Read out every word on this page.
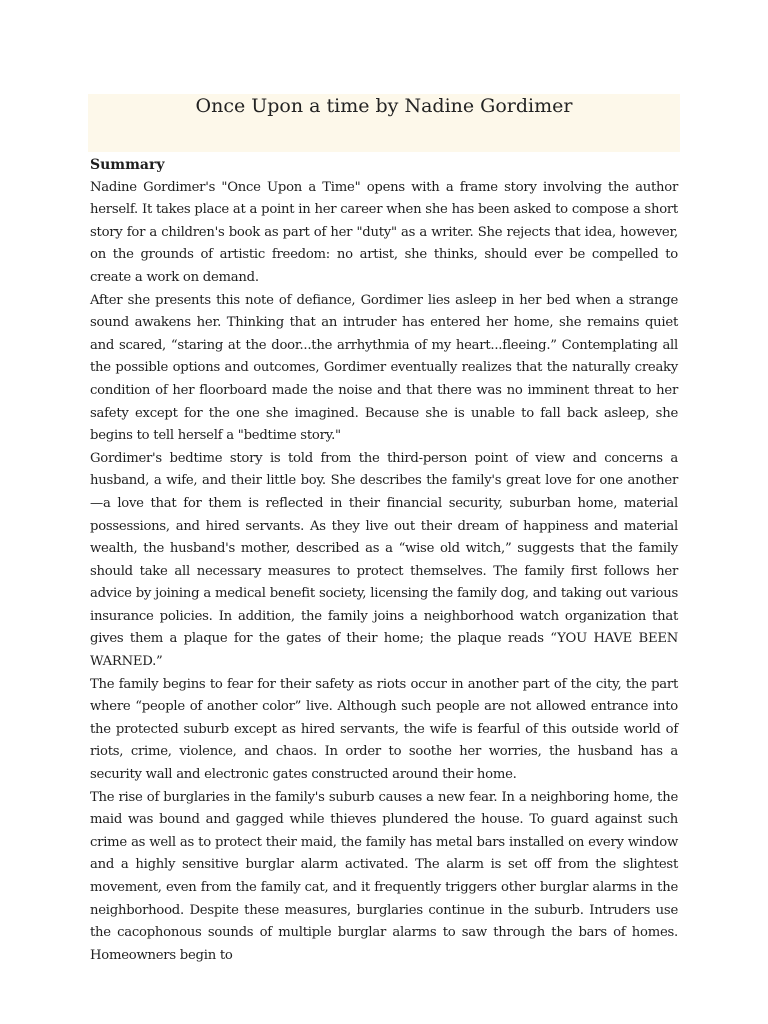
Once Upon a time by Nadine Gordimer

Summary

Nadine Gordimer's "Once Upon a Time" opens with a frame story involving the author herself. It takes place at a point in her career when she has been asked to compose a short story for a children's book as part of her "duty" as a writer. She rejects that idea, however, on the grounds of artistic freedom: no artist, she thinks, should ever be compelled to create a work on demand.

After she presents this note of defiance, Gordimer lies asleep in her bed when a strange sound awakens her. Thinking that an intruder has entered her home, she remains quiet and scared, “staring at the door...the arrhythmia of my heart...fleeing.” Contemplating all the possible options and outcomes, Gordimer eventually realizes that the naturally creaky condition of her floorboard made the noise and that there was no imminent threat to her safety except for the one she imagined. Because she is unable to fall back asleep, she begins to tell herself a "bedtime story."

Gordimer's bedtime story is told from the third-person point of view and concerns a husband, a wife, and their little boy. She describes the family's great love for one another—a love that for them is reflected in their financial security, suburban home, material possessions, and hired servants. As they live out their dream of happiness and material wealth, the husband's mother, described as a “wise old witch,” suggests that the family should take all necessary measures to protect themselves. The family first follows her advice by joining a medical benefit society, licensing the family dog, and taking out various insurance policies. In addition, the family joins a neighborhood watch organization that gives them a plaque for the gates of their home; the plaque reads “YOU HAVE BEEN WARNED.”

The family begins to fear for their safety as riots occur in another part of the city, the part where “people of another color” live. Although such people are not allowed entrance into the protected suburb except as hired servants, the wife is fearful of this outside world of riots, crime, violence, and chaos. In order to soothe her worries, the husband has a security wall and electronic gates constructed around their home.

The rise of burglaries in the family's suburb causes a new fear. In a neighboring home, the maid was bound and gagged while thieves plundered the house. To guard against such crime as well as to protect their maid, the family has metal bars installed on every window and a highly sensitive burglar alarm activated. The alarm is set off from the slightest movement, even from the family cat, and it frequently triggers other burglar alarms in the neighborhood. Despite these measures, burglaries continue in the suburb. Intruders use the cacophonous sounds of multiple burglar alarms to saw through the bars of homes. Homeowners begin to
